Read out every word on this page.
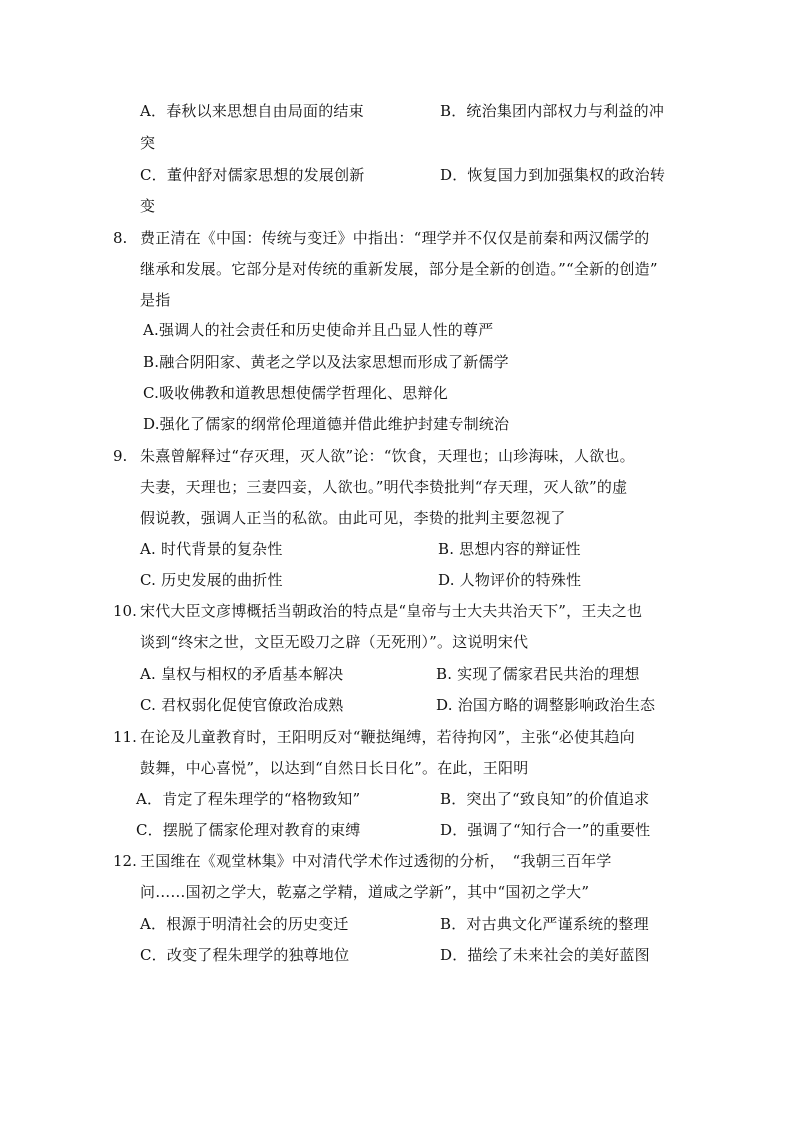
A．春秋以来思想自由局面的结束	B．统治集团内部权力与利益的冲
突
C．董仲舒对儒家思想的发展创新	D．恢复国力到加强集权的政治转
变
8. 费正清在《中国：传统与变迁》中指出：“理学并不仅仅是前秦和两汉儒学的
继承和发展。它部分是对传统的重新发展，部分是全新的创造。”“全新的创造”
是指
A.强调人的社会责任和历史使命并且凸显人性的尊严
B.融合阴阳家、黄老之学以及法家思想而形成了新儒学
C.吸收佛教和道教思想使儒学哲理化、思辩化
D.强化了儒家的纲常伦理道德并借此维护封建专制统治
9. 朱熹曾解释过“存灭理，灭人欲”论：“饮食，天理也；山珍海味，人欲也。
夫妻，天理也；三妻四妾，人欲也。”明代李贽批判“存天理，灭人欲”的虚
假说教，强调人正当的私欲。由此可见，李贽的批判主要忽视了
A. 时代背景的复杂性	B. 思想内容的辩证性
C. 历史发展的曲折性	D. 人物评价的特殊性
10. 宋代大臣文彦博概括当朝政治的特点是“皇帝与士大夫共治天下”，王夫之也
谈到“终宋之世，文臣无殴刀之辟（无死刑）”。这说明宋代
A. 皇权与相权的矛盾基本解决	B. 实现了儒家君民共治的理想
C. 君权弱化促使官僚政治成熟	D. 治国方略的调整影响政治生态
11. 在论及儿童教育时，王阳明反对“鞭挞绳缚，若待拘冈”，主张“必使其趋向
鼓舞，中心喜悦”，以达到“自然日长日化”。在此，王阳明
A．肯定了程朱理学的“格物致知”	B．突出了“致良知”的价值追求
C．摆脱了儒家伦理对教育的束缚	D．强调了“知行合一”的重要性
12. 王国维在《观堂林集》中对清代学术作过透彻的分析，　“我朝三百年学
问……国初之学大，乾嘉之学精，道咸之学新”，其中“国初之学大”
A．根源于明清社会的历史变迁	B．对古典文化严谨系统的整理
C．改变了程朱理学的独尊地位	D．描绘了未来社会的美好蓝图
